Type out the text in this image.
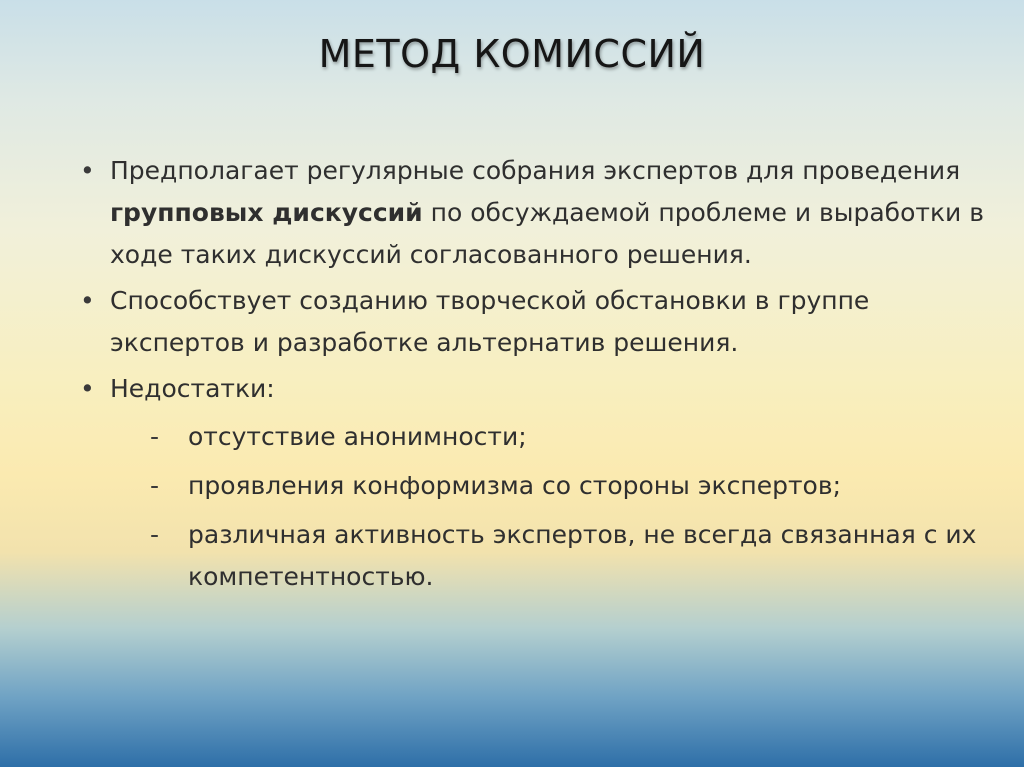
МЕТОД КОМИССИЙ
• Предполагает регулярные собрания экспертов для проведения групповых дискуссий по обсуждаемой проблеме и выработки в ходе таких дискуссий согласованного решения.
• Способствует созданию творческой обстановки в группе экспертов и разработке альтернатив решения.
• Недостатки:
- отсутствие анонимности;
- проявления конформизма со стороны экспертов;
- различная активность экспертов, не всегда связанная с их компетентностью.
